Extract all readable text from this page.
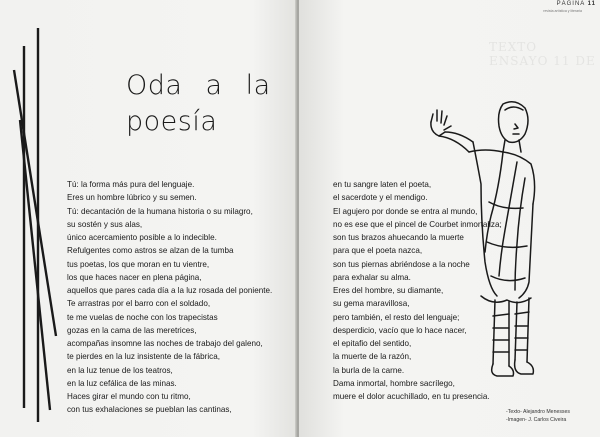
Oda a la
poesía
Tú: la forma más pura del lenguaje.
Eres un hombre lúbrico y su semen.
Tú: decantación de la humana historia o su milagro,
su sostén y sus alas,
único acercamiento posible a lo indecible.
Refulgentes como astros se alzan de la tumba
tus poetas, los que moran en tu vientre,
los que haces nacer en plena página,
aquellos que pares cada día a la luz rosada del poniente.
Te arrastras por el barro con el soldado,
te me vuelas de noche con los trapecistas
gozas en la cama de las meretrices,
acompañas insomne las noches de trabajo del galeno,
te pierdes en la luz insistente de la fábrica,
en la luz tenue de los teatros,
en la luz cefálica de las minas.
Haces girar el mundo con tu ritmo,
con tus exhalaciones se pueblan las cantinas,
PÁGINA 11
revista artística y literaria
TEXTO ENSAYO 11 DE
en tu sangre laten el poeta,
el sacerdote y el mendigo.
El agujero por donde se entra al mundo,
no es ese que el pincel de Courbet inmortaliza;
son tus brazos ahuecando la muerte
para que el poeta nazca,
son tus piernas abriéndose a la noche
para exhalar su alma.
Eres del hombre, su diamante,
su gema maravillosa,
pero también, el resto del lenguaje;
desperdicio, vacío que lo hace nacer,
el epitafio del sentido,
la muerte de la razón,
la burla de la carne.
Dama inmortal, hombre sacrílego,
muere el dolor acuchillado, en tu presencia.
-Texto- Alejandro Menesses
-Imagen- J. Carlos Civeira
